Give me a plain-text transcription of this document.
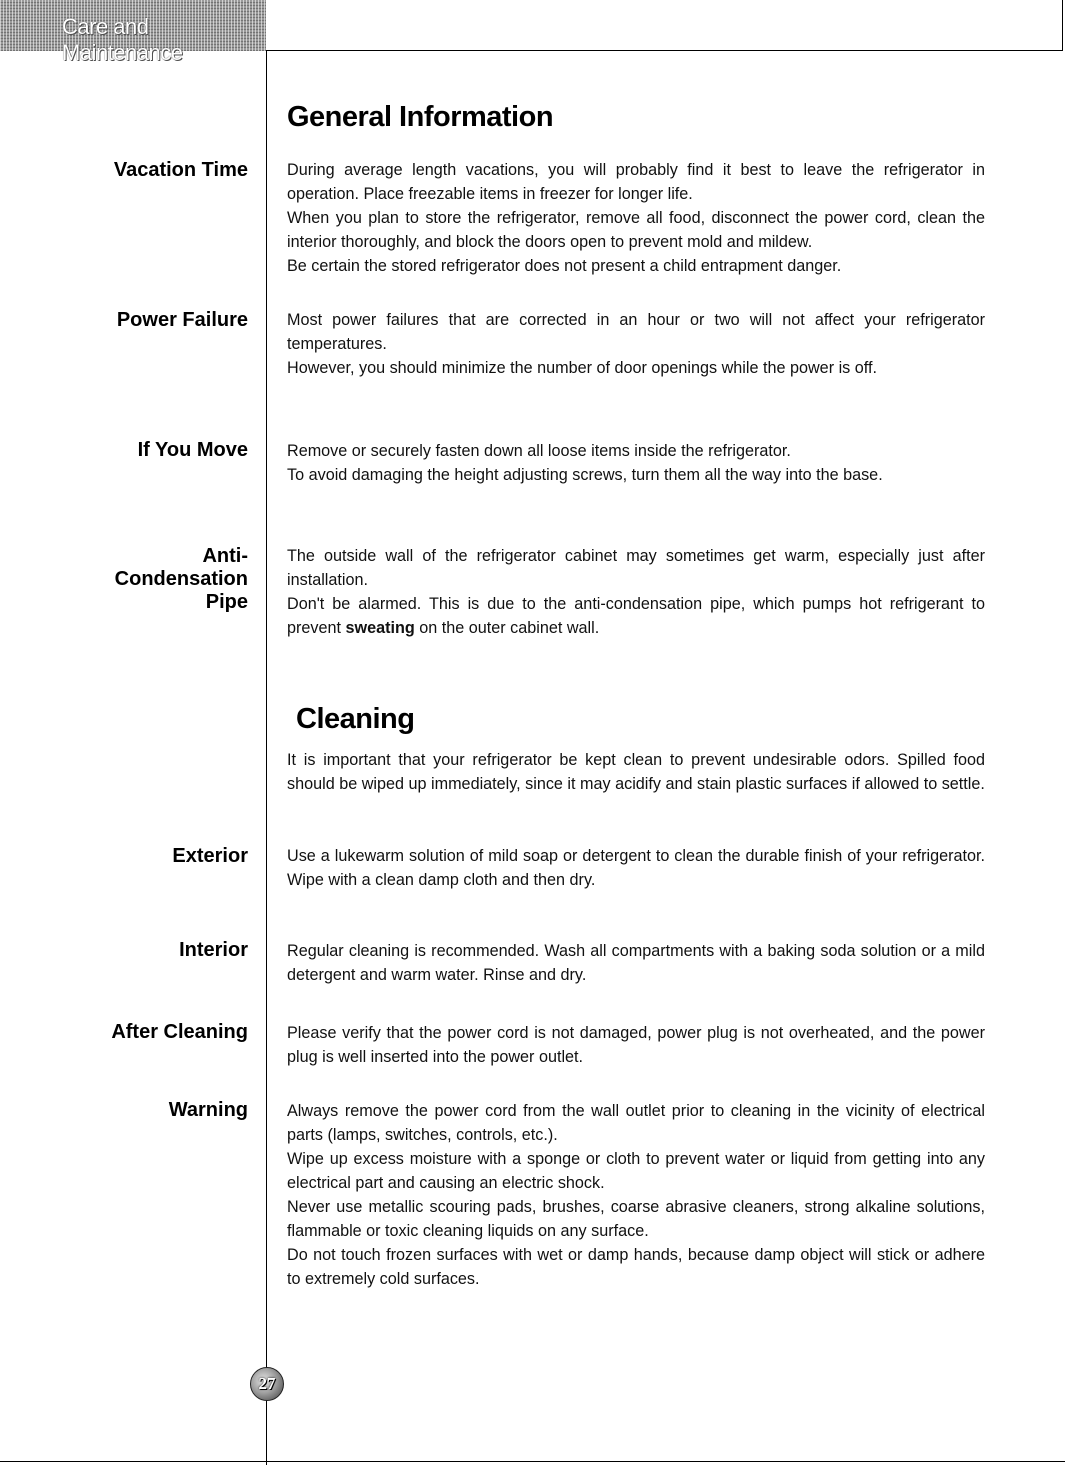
Care and Maintenance
General Information
Vacation Time During average length vacations, you will probably find it best to leave the refrigerator in operation. Place freezable items in freezer for longer life.

When you plan to store the refrigerator, remove all food, disconnect the power cord, clean the interior thoroughly, and block the doors open to prevent mold and mildew.

Be certain the stored refrigerator does not present a child entrapment danger.

Power Failure Most power failures that are corrected in an hour or two will not affect your refrigerator temperatures.

However, you should minimize the number of door openings while the power is off.

If You Move Remove or securely fasten down all loose items inside the refrigerator.

To avoid damaging the height adjusting screws, turn them all the way into the base.

Anti-
Condensation
Pipe

The outside wall of the refrigerator cabinet may sometimes get warm, especially just after installation.

Don't be alarmed. This is due to the anti-condensation pipe, which pumps hot refrigerant to prevent sweating on the outer cabinet wall.

Cleaning

It is important that your refrigerator be kept clean to prevent undesirable odors. Spilled food should be wiped up immediately, since it may acidify and stain plastic surfaces if allowed to settle.

Exterior Use a lukewarm solution of mild soap or detergent to clean the durable finish of your refrigerator. Wipe with a clean damp cloth and then dry.

Interior Regular cleaning is recommended. Wash all compartments with a baking soda solution or a mild detergent and warm water. Rinse and dry.

After Cleaning Please verify that the power cord is not damaged, power plug is not overheated, and the power plug is well inserted into the power outlet.

Warning Always remove the power cord from the wall outlet prior to cleaning in the vicinity of electrical parts (lamps, switches, controls, etc.).

Wipe up excess moisture with a sponge or cloth to prevent water or liquid from getting into any electrical part and causing an electric shock.

Never use metallic scouring pads, brushes, coarse abrasive cleaners, strong alkaline solutions, flammable or toxic cleaning liquids on any surface.

Do not touch frozen surfaces with wet or damp hands, because damp object will stick or adhere to extremely cold surfaces.

27
